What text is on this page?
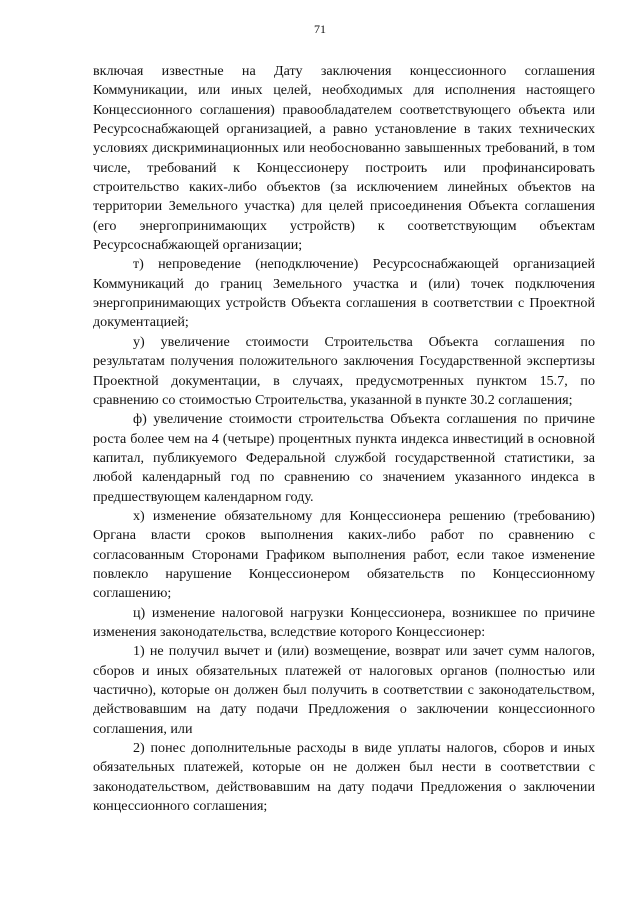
71

включая известные на Дату заключения концессионного соглашения Коммуникации, или иных целей, необходимых для исполнения настоящего Концессионного соглашения) правообладателем соответствующего объекта или Ресурсоснабжающей организацией, а равно установление в таких технических условиях дискриминационных или необоснованно завышенных требований, в том числе, требований к Концессионеру построить или профинансировать строительство каких-либо объектов (за исключением линейных объектов на территории Земельного участка) для целей присоединения Объекта соглашения (его энергопринимающих устройств) к соответствующим объектам Ресурсоснабжающей организации;

т) непроведение (неподключение) Ресурсоснабжающей организацией Коммуникаций до границ Земельного участка и (или) точек подключения энергопринимающих устройств Объекта соглашения в соответствии с Проектной документацией;

у) увеличение стоимости Строительства Объекта соглашения по результатам получения положительного заключения Государственной экспертизы Проектной документации, в случаях, предусмотренных пунктом 15.7, по сравнению со стоимостью Строительства, указанной в пункте 30.2 соглашения;

ф) увеличение стоимости строительства Объекта соглашения по причине роста более чем на 4 (четыре) процентных пункта индекса инвестиций в основной капитал, публикуемого Федеральной службой государственной статистики, за любой календарный год по сравнению со значением указанного индекса в предшествующем календарном году.

х) изменение обязательному для Концессионера решению (требованию) Органа власти сроков выполнения каких-либо работ по сравнению с согласованным Сторонами Графиком выполнения работ, если такое изменение повлекло нарушение Концессионером обязательств по Концессионному соглашению;

ц) изменение налоговой нагрузки Концессионера, возникшее по причине изменения законодательства, вследствие которого Концессионер:

1) не получил вычет и (или) возмещение, возврат или зачет сумм налогов, сборов и иных обязательных платежей от налоговых органов (полностью или частично), которые он должен был получить в соответствии с законодательством, действовавшим на дату подачи Предложения о заключении концессионного соглашения, или

2) понес дополнительные расходы в виде уплаты налогов, сборов и иных обязательных платежей, которые он не должен был нести в соответствии с законодательством, действовавшим на дату подачи Предложения о заключении концессионного соглашения;
